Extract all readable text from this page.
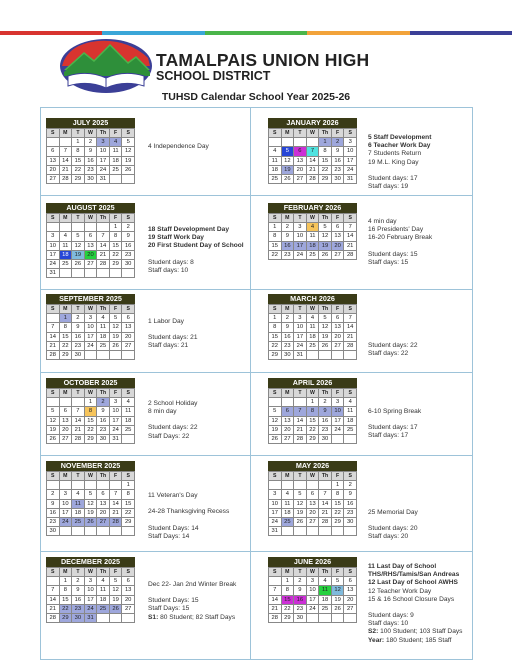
TAMALPAIS UNION HIGH
SCHOOL DISTRICT
TUHSD Calendar School Year 2025-26
JULY 2025
S	M	T	W	Th	F	S
		1	2	3	4	5
6	7	8	9	10	11	12
13	14	15	16	17	18	19
20	21	22	23	24	25	26
27	28	29	30	31		
AUGUST 2025
S	M	T	W	Th	F	S
					1	2
3	4	5	6	7	8	9
10	11	12	13	14	15	16
17	18	19	20	21	22	23
24	25	26	27	28	29	30
31						
SEPTEMBER 2025
S	M	T	W	Th	F	S
	1	2	3	4	5	6
7	8	9	10	11	12	13
14	15	16	17	18	19	20
21	22	23	24	25	26	27
28	29	30				
OCTOBER 2025
S	M	T	W	Th	F	S
			1	2	3	4
5	6	7	8	9	10	11
12	13	14	15	16	17	18
19	20	21	22	23	24	25
26	27	28	29	30	31	
NOVEMBER 2025
S	M	T	W	Th	F	S
						1
2	3	4	5	6	7	8
9	10	11	12	13	14	15
16	17	18	19	20	21	22
23	24	25	26	27	28	29
30						
DECEMBER 2025
S	M	T	W	Th	F	S
	1	2	3	4	5	6
7	8	9	10	11	12	13
14	15	16	17	18	19	20
21	22	23	24	25	26	27
28	29	30	31			
JANUARY 2026
S	M	T	W	Th	F	S
				1	2	3
4	5	6	7	8	9	10
11	12	13	14	15	16	17
18	19	20	21	22	23	24
25	26	27	28	29	30	31
FEBRUARY 2026
S	M	T	W	Th	F	S
1	2	3	4	5	6	7
8	9	10	11	12	13	14
15	16	17	18	19	20	21
22	23	24	25	26	27	28
MARCH 2026
S	M	T	W	Th	F	S
1	2	3	4	5	6	7
8	9	10	11	12	13	14
15	16	17	18	19	20	21
22	23	24	25	26	27	28
29	30	31				
APRIL 2026
S	M	T	W	Th	F	S
			1	2	3	4
5	6	7	8	9	10	11
12	13	14	15	16	17	18
19	20	21	22	23	24	25
26	27	28	29	30		
MAY 2026
S	M	T	W	Th	F	S
					1	2
3	4	5	6	7	8	9
10	11	12	13	14	15	16
17	18	19	20	21	22	23
24	25	26	27	28	29	30
31						
JUNE 2026
S	M	T	W	Th	F	S
	1	2	3	4	5	6
7	8	9	10	11	12	13
14	15	16	17	18	19	20
21	22	23	24	25	26	27
28	29	30				
4 Independence Day
18 Staff Development Day
19 Staff Work Day
20 First Student Day of School
Student days: 8
Staff days: 10
1 Labor Day
Student days: 21
Staff days: 21
2 School Holiday
8 min day
Student days: 22
Staff Days: 22
11 Veteran's Day

24-28 Thanksgiving Recess
Student Days: 14
Staff Days: 14
Dec 22- Jan 2nd Winter Break
Student Days: 15
Staff Days: 15
S1: 80 Student; 82 Staff Days
5 Staff Development
6 Teacher Work Day
7 Students Return
19 M.L. King Day
Student days: 17
Staff days: 19
4 min day
16 Presidents' Day
16-20 February Break
Student days: 15
Staff days: 15
Student days: 22
Staff days: 22
6-10 Spring Break
Student days: 17
Staff days: 17
25 Memorial Day
Student days: 20
Staff days: 20
11 Last Day of School
THS/RHS/Tamis/San Andreas
12 Last Day of School AWHS
12 Teacher Work Day
15 & 16 School Closure Days
Student days: 9
Staff days: 10
S2: 100 Student; 103 Staff Days
Year: 180 Student; 185 Staff
